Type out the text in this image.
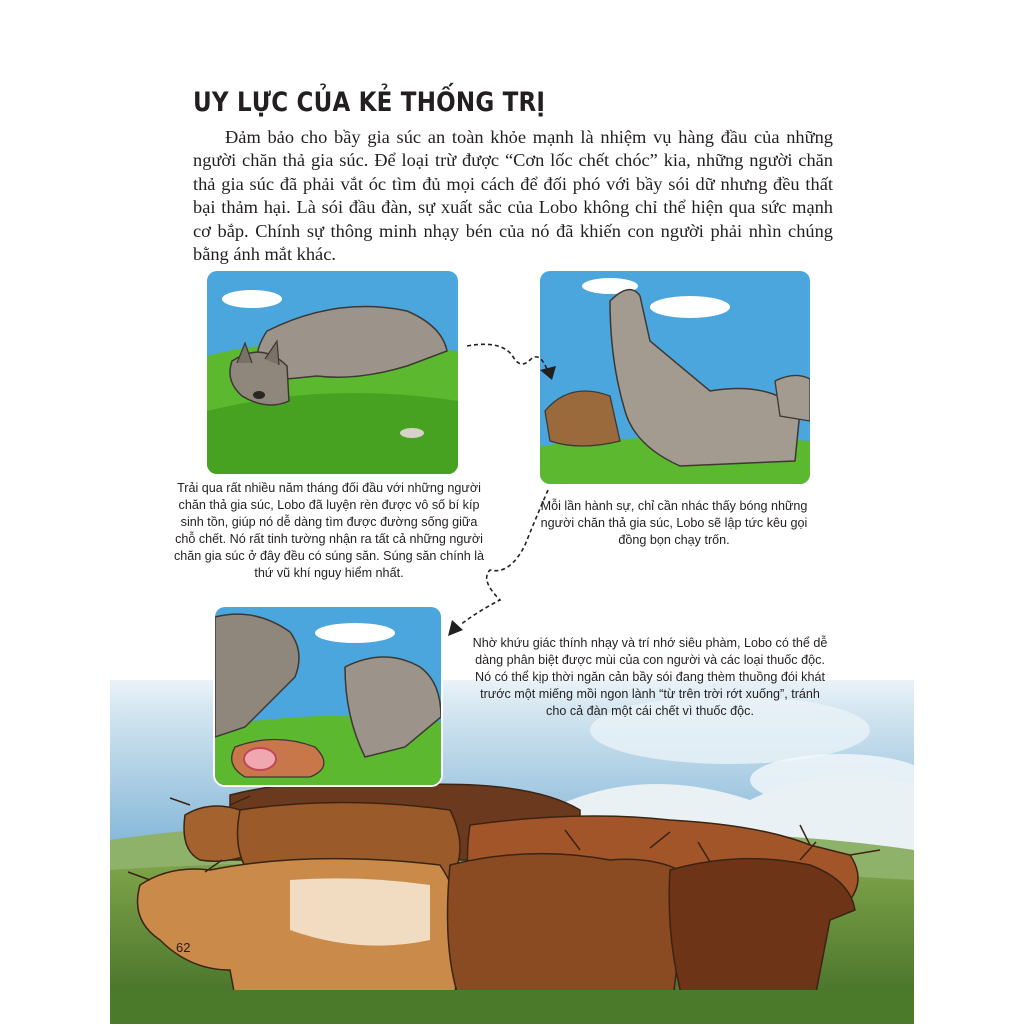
UY LỰC CỦA KẺ THỐNG TRỊ

Đảm bảo cho bầy gia súc an toàn khỏe mạnh là nhiệm vụ hàng đầu của những người chăn thả gia súc. Để loại trừ được “Cơn lốc chết chóc” kia, những người chăn thả gia súc đã phải vắt óc tìm đủ mọi cách để đối phó với bầy sói dữ nhưng đều thất bại thảm hại. Là sói đầu đàn, sự xuất sắc của Lobo không chỉ thể hiện qua sức mạnh cơ bắp. Chính sự thông minh nhạy bén của nó đã khiến con người phải nhìn chúng bằng ánh mắt khác.

Trải qua rất nhiều năm tháng đối đầu với những người chăn thả gia súc, Lobo đã luyện rèn được vô số bí kíp sinh tồn, giúp nó dễ dàng tìm được đường sống giữa chỗ chết. Nó rất tinh tường nhận ra tất cả những người chăn gia súc ở đây đều có súng săn. Súng săn chính là thứ vũ khí nguy hiểm nhất.

Mỗi lần hành sự, chỉ cần nhác thấy bóng những người chăn thả gia súc, Lobo sẽ lập tức kêu gọi đồng bọn chạy trốn.

Nhờ khứu giác thính nhạy và trí nhớ siêu phàm, Lobo có thể dễ dàng phân biệt được mùi của con người và các loại thuốc độc. Nó có thể kịp thời ngăn cản bầy sói đang thèm thuồng đói khát trước một miếng mồi ngon lành “từ trên trời rớt xuống”, tránh cho cả đàn một cái chết vì thuốc độc.

62
